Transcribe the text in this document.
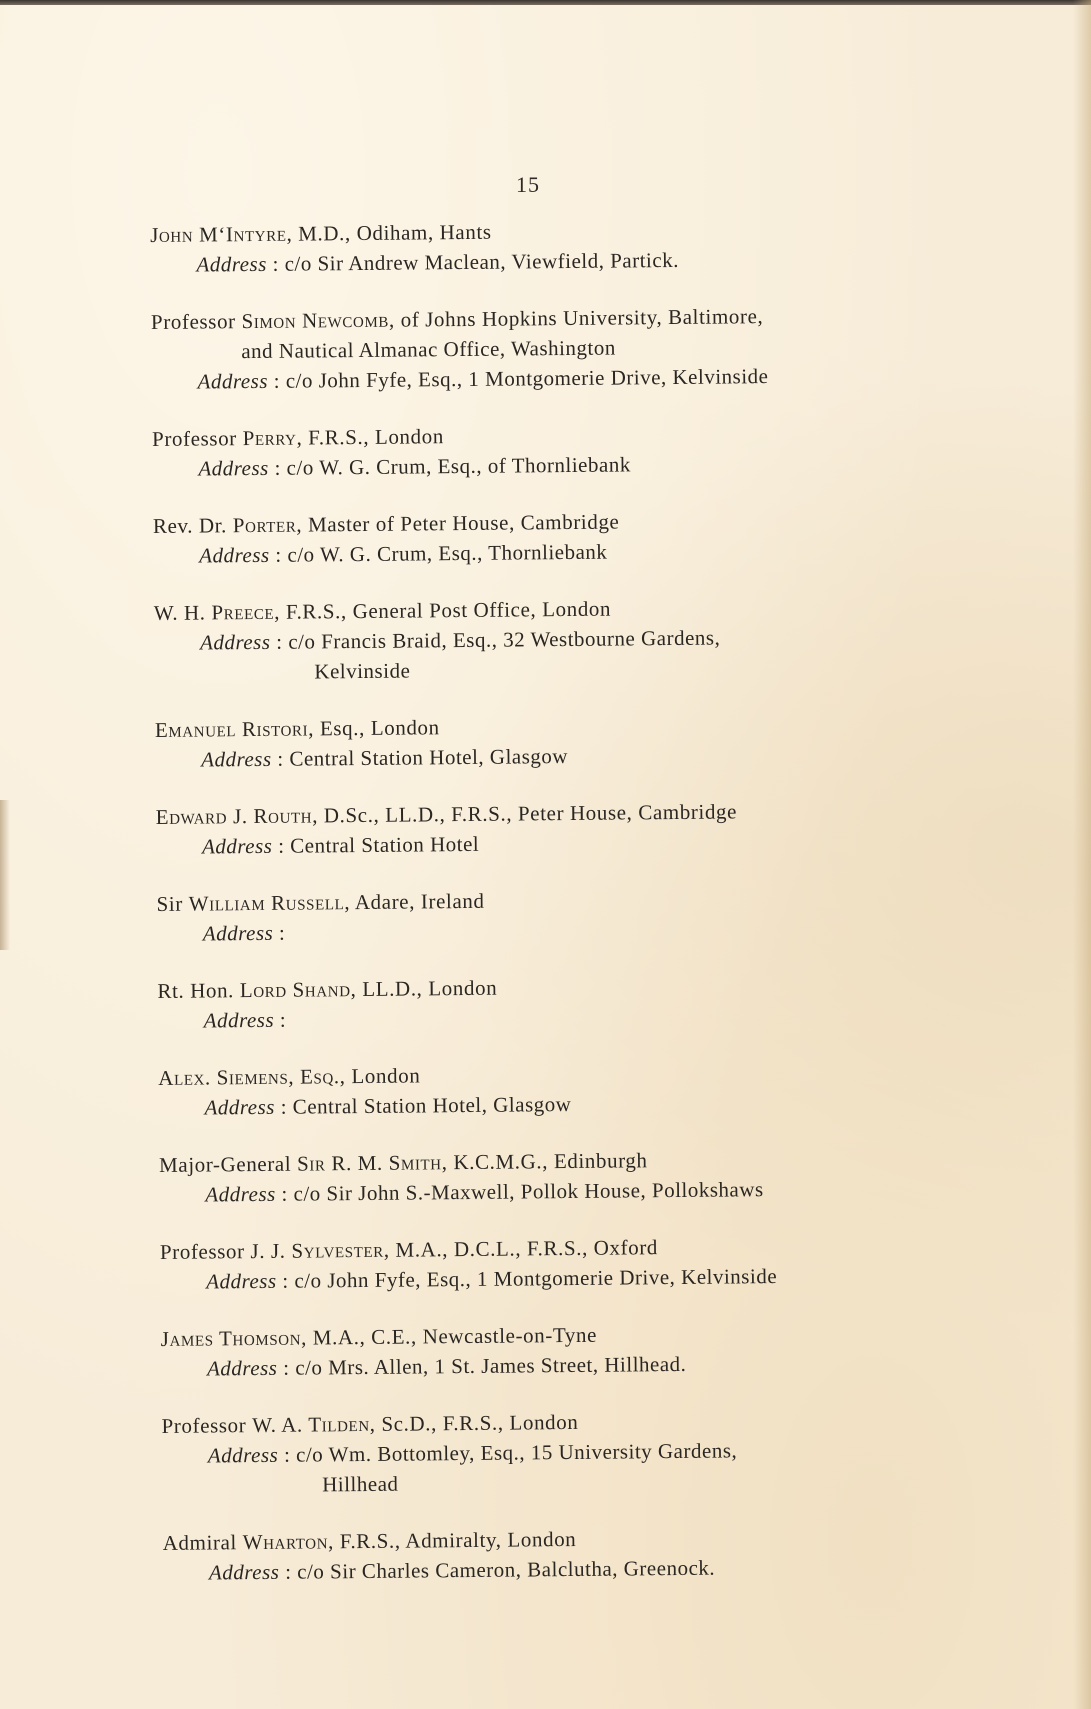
15
John M‘Intyre, M.D., Odiham, Hants
Address : c/o Sir Andrew Maclean, Viewfield, Partick.
Professor Simon Newcomb, of Johns Hopkins University, Baltimore,
and Nautical Almanac Office, Washington
Address : c/o John Fyfe, Esq., 1 Montgomerie Drive, Kelvinside
Professor Perry, F.R.S., London
Address : c/o W. G. Crum, Esq., of Thornliebank
Rev. Dr. Porter, Master of Peter House, Cambridge
Address : c/o W. G. Crum, Esq., Thornliebank
W. H. Preece, F.R.S., General Post Office, London
Address : c/o Francis Braid, Esq., 32 Westbourne Gardens,
Kelvinside
Emanuel Ristori, Esq., London
Address : Central Station Hotel, Glasgow
Edward J. Routh, D.Sc., LL.D., F.R.S., Peter House, Cambridge
Address : Central Station Hotel
Sir William Russell, Adare, Ireland
Address :
Rt. Hon. Lord Shand, LL.D., London
Address :
Alex. Siemens, Esq., London
Address : Central Station Hotel, Glasgow
Major-General Sir R. M. Smith, K.C.M.G., Edinburgh
Address : c/o Sir John S.-Maxwell, Pollok House, Pollokshaws
Professor J. J. Sylvester, M.A., D.C.L., F.R.S., Oxford
Address : c/o John Fyfe, Esq., 1 Montgomerie Drive, Kelvinside
James Thomson, M.A., C.E., Newcastle-on-Tyne
Address : c/o Mrs. Allen, 1 St. James Street, Hillhead.
Professor W. A. Tilden, Sc.D., F.R.S., London
Address : c/o Wm. Bottomley, Esq., 15 University Gardens,
Hillhead
Admiral Wharton, F.R.S., Admiralty, London
Address : c/o Sir Charles Cameron, Balclutha, Greenock.
